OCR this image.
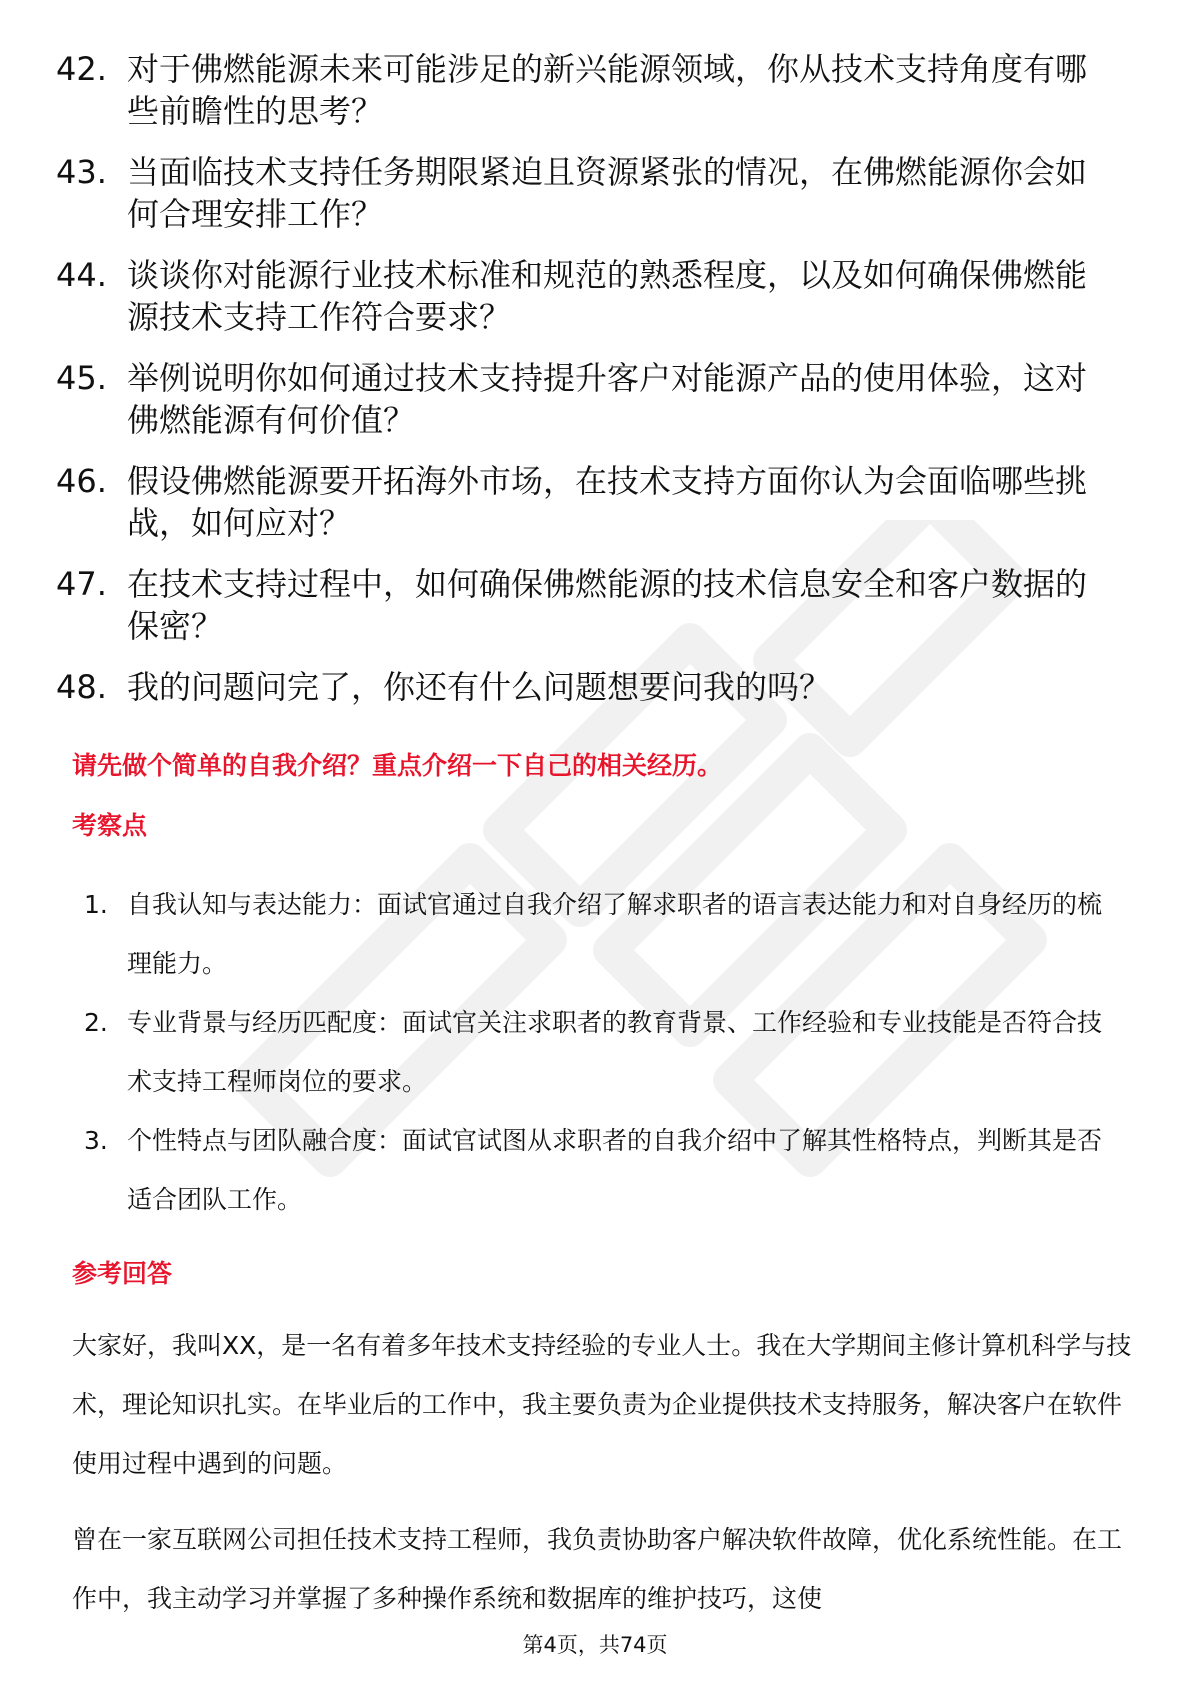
42. 对于佛燃能源未来可能涉足的新兴能源领域，你从技术支持角度有哪些前瞻性的思考？
43. 当面临技术支持任务期限紧迫且资源紧张的情况，在佛燃能源你会如何合理安排工作？
44. 谈谈你对能源行业技术标准和规范的熟悉程度，以及如何确保佛燃能源技术支持工作符合要求？
45. 举例说明你如何通过技术支持提升客户对能源产品的使用体验，这对佛燃能源有何价值？
46. 假设佛燃能源要开拓海外市场，在技术支持方面你认为会面临哪些挑战，如何应对？
47. 在技术支持过程中，如何确保佛燃能源的技术信息安全和客户数据的保密？
48. 我的问题问完了，你还有什么问题想要问我的吗？
请先做个简单的自我介绍？重点介绍一下自己的相关经历。
考察点
1. 自我认知与表达能力：面试官通过自我介绍了解求职者的语言表达能力和对自身经历的梳理能力。
2. 专业背景与经历匹配度：面试官关注求职者的教育背景、工作经验和专业技能是否符合技术支持工程师岗位的要求。
3. 个性特点与团队融合度：面试官试图从求职者的自我介绍中了解其性格特点，判断其是否适合团队工作。
参考回答

大家好，我叫XX，是一名有着多年技术支持经验的专业人士。我在大学期间主修计算机科学与技术，理论知识扎实。在毕业后的工作中，我主要负责为企业提供技术支持服务，解决客户在软件使用过程中遇到的问题。

曾在一家互联网公司担任技术支持工程师，我负责协助客户解决软件故障，优化系统性能。在工作中，我主动学习并掌握了多种操作系统和数据库的维护技巧，这使

第4页，共74页
